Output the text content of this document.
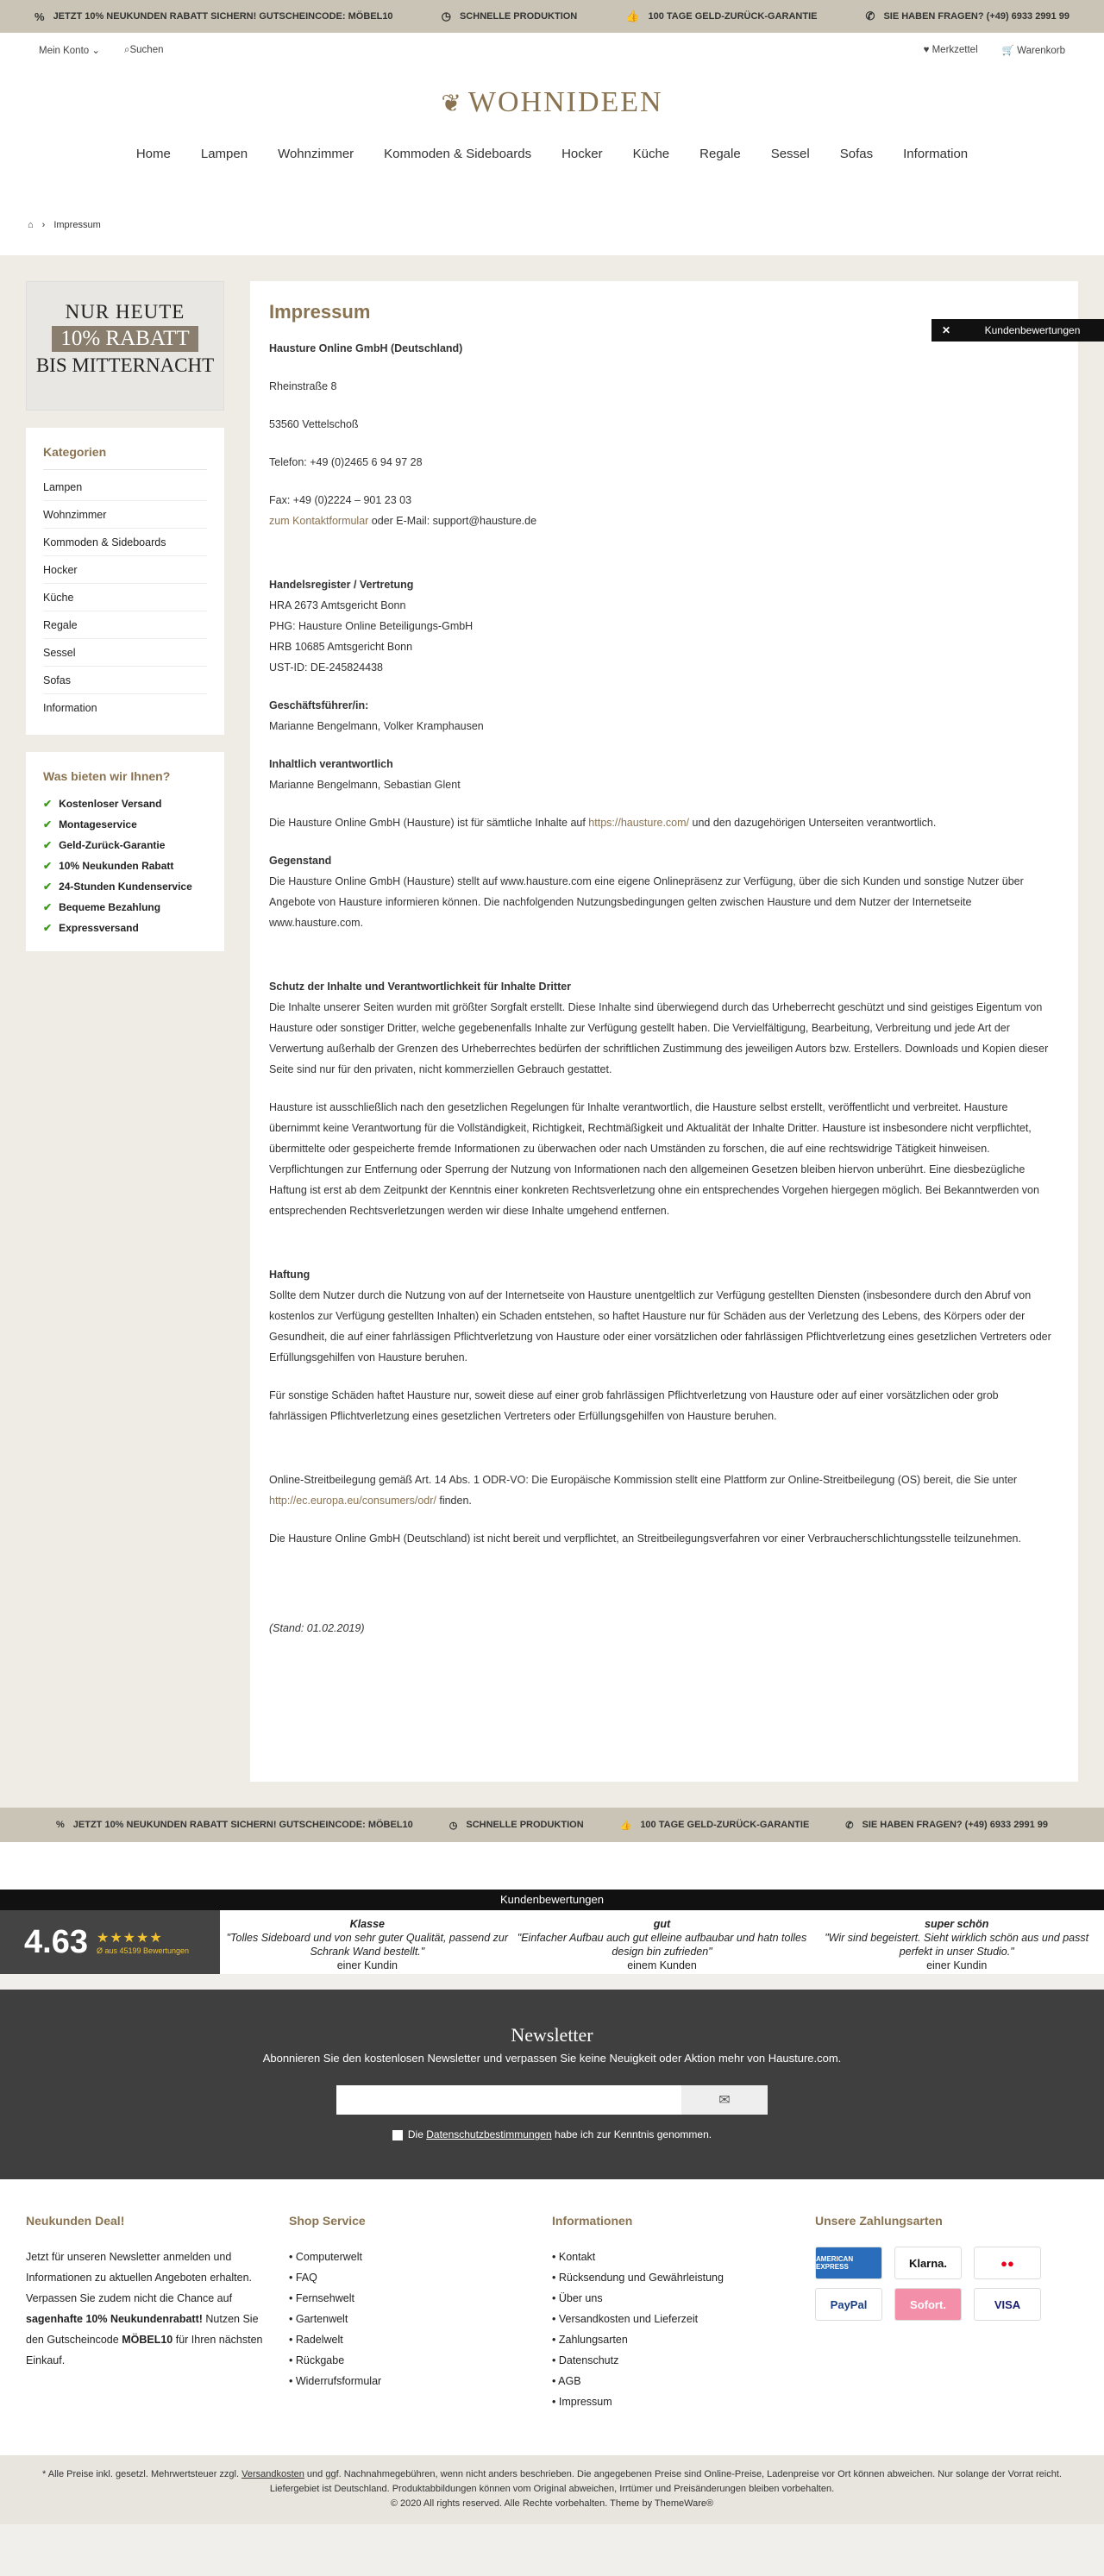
% JETZT 10% NEUKUNDEN RABATT SICHERN! GUTSCHEINCODE: MÖBEL10	◷ SCHNELLE PRODUKTION	👍 100 TAGE GELD-ZURÜCK-GARANTIE	✆ SIE HABEN FRAGEN? (+49) 6933 2991 99
Mein Konto ⌄ ⌕Suchen	♥ Merkzettel 🛒 Warenkorb
❦ WOHNIDEEN
Home Lampen Wohnzimmer Kommoden & Sideboards Hocker Küche Regale Sessel Sofas Information
⌂ › Impressum
✕	Kundenbewertungen
NUR HEUTE
10% RABATT
BIS MITTERNACHT
Kategorien
Lampen
Wohnzimmer
Kommoden & Sideboards
Hocker
Küche
Regale
Sessel
Sofas
Information
Was bieten wir Ihnen?
✔ Kostenloser Versand
✔ Montageservice
✔ Geld-Zurück-Garantie
✔ 10% Neukunden Rabatt
✔ 24-Stunden Kundenservice
✔ Bequeme Bezahlung
✔ Expressversand
Impressum

Hausture Online GmbH (Deutschland)

Rheinstraße 8

53560 Vettelschoß

Telefon: +49 (0)2465 6 94 97 28

Fax: +49 (0)2224 – 901 23 03

zum Kontaktformular oder E-Mail: support@hausture.de

Handelsregister / Vertretung
HRA 2673 Amtsgericht Bonn
PHG: Hausture Online Beteiligungs-GmbH
HRB 10685 Amtsgericht Bonn
UST-ID: DE-245824438

Geschäftsführer/in:
Marianne Bengelmann, Volker Kramphausen

Inhaltlich verantwortlich
Marianne Bengelmann, Sebastian Glent

Die Hausture Online GmbH (Hausture) ist für sämtliche Inhalte auf https://hausture.com/ und den dazugehörigen Unterseiten verantwortlich.

Gegenstand
Die Hausture Online GmbH (Hausture) stellt auf www.hausture.com eine eigene Onlinepräsenz zur Verfügung, über die sich Kunden und sonstige Nutzer über Angebote von Hausture informieren können. Die nachfolgenden Nutzungsbedingungen gelten zwischen Hausture und dem Nutzer der Internetseite www.hausture.com.

Schutz der Inhalte und Verantwortlichkeit für Inhalte Dritter
Die Inhalte unserer Seiten wurden mit größter Sorgfalt erstellt. Diese Inhalte sind überwiegend durch das Urheberrecht geschützt und sind geistiges Eigentum von Hausture oder sonstiger Dritter, welche gegebenenfalls Inhalte zur Verfügung gestellt haben. Die Vervielfältigung, Bearbeitung, Verbreitung und jede Art der Verwertung außerhalb der Grenzen des Urheberrechtes bedürfen der schriftlichen Zustimmung des jeweiligen Autors bzw. Erstellers. Downloads und Kopien dieser Seite sind nur für den privaten, nicht kommerziellen Gebrauch gestattet.

Hausture ist ausschließlich nach den gesetzlichen Regelungen für Inhalte verantwortlich, die Hausture selbst erstellt, veröffentlicht und verbreitet. Hausture übernimmt keine Verantwortung für die Vollständigkeit, Richtigkeit, Rechtmäßigkeit und Aktualität der Inhalte Dritter. Hausture ist insbesondere nicht verpflichtet, übermittelte oder gespeicherte fremde Informationen zu überwachen oder nach Umständen zu forschen, die auf eine rechtswidrige Tätigkeit hinweisen. Verpflichtungen zur Entfernung oder Sperrung der Nutzung von Informationen nach den allgemeinen Gesetzen bleiben hiervon unberührt. Eine diesbezügliche Haftung ist erst ab dem Zeitpunkt der Kenntnis einer konkreten Rechtsverletzung ohne ein entsprechendes Vorgehen hiergegen möglich. Bei Bekanntwerden von entsprechenden Rechtsverletzungen werden wir diese Inhalte umgehend entfernen.

Haftung
Sollte dem Nutzer durch die Nutzung von auf der Internetseite von Hausture unentgeltlich zur Verfügung gestellten Diensten (insbesondere durch den Abruf von kostenlos zur Verfügung gestellten Inhalten) ein Schaden entstehen, so haftet Hausture nur für Schäden aus der Verletzung des Lebens, des Körpers oder der Gesundheit, die auf einer fahrlässigen Pflichtverletzung von Hausture oder einer vorsätzlichen oder fahrlässigen Pflichtverletzung eines gesetzlichen Vertreters oder Erfüllungsgehilfen von Hausture beruhen.

Für sonstige Schäden haftet Hausture nur, soweit diese auf einer grob fahrlässigen Pflichtverletzung von Hausture oder auf einer vorsätzlichen oder grob fahrlässigen Pflichtverletzung eines gesetzlichen Vertreters oder Erfüllungsgehilfen von Hausture beruhen.

Online-Streitbeilegung gemäß Art. 14 Abs. 1 ODR-VO: Die Europäische Kommission stellt eine Plattform zur Online-Streitbeilegung (OS) bereit, die Sie unter http://ec.europa.eu/consumers/odr/ finden.

Die Hausture Online GmbH (Deutschland) ist nicht bereit und verpflichtet, an Streitbeilegungsverfahren vor einer Verbraucherschlichtungsstelle teilzunehmen.

(Stand: 01.02.2019)

% JETZT 10% NEUKUNDEN RABATT SICHERN! GUTSCHEINCODE: MÖBEL10	◷ SCHNELLE PRODUKTION	👍 100 TAGE GELD-ZURÜCK-GARANTIE	✆ SIE HABEN FRAGEN? (+49) 6933 2991 99
Kundenbewertungen
4.63 ★★★★★
Ø aus 45199 Bewertungen
Klasse
"Tolles Sideboard und von sehr guter Qualität, passend zur Schrank Wand bestellt."
einer Kundin
gut
"Einfacher Aufbau auch gut elleine aufbaubar und hatn tolles design bin zufrieden"
einem Kunden
super schön
"Wir sind begeistert. Sieht wirklich schön aus und passt perfekt in unser Studio."
einer Kundin
Newsletter
Abonnieren Sie den kostenlosen Newsletter und verpassen Sie keine Neuigkeit oder Aktion mehr von Hausture.com.
✉
Die Datenschutzbestimmungen habe ich zur Kenntnis genommen.
Neukunden Deal!

Jetzt für unseren Newsletter anmelden und Informationen zu aktuellen Angeboten erhalten. Verpassen Sie zudem nicht die Chance auf sagenhafte 10% Neukundenrabatt! Nutzen Sie den Gutscheincode MÖBEL10 für Ihren nächsten Einkauf.

Shop Service
• Computerwelt
• FAQ
• Fernsehwelt
• Gartenwelt
• Radelwelt
• Rückgabe
• Widerrufsformular
Informationen
• Kontakt
• Rücksendung und Gewährleistung
• Über uns
• Versandkosten und Lieferzeit
• Zahlungsarten
• Datenschutz
• AGB
• Impressum
Unsere Zahlungsarten
AMERICAN EXPRESS	Klarna.	●●
PayPal	Sofort.	VISA
* Alle Preise inkl. gesetzl. Mehrwertsteuer zzgl. Versandkosten und ggf. Nachnahmegebühren, wenn nicht anders beschrieben. Die angegebenen Preise sind Online-Preise, Ladenpreise vor Ort können abweichen. Nur solange der Vorrat reicht.
Liefergebiet ist Deutschland. Produktabbildungen können vom Original abweichen, Irrtümer und Preisänderungen bleiben vorbehalten.
© 2020 All rights reserved. Alle Rechte vorbehalten. Theme by ThemeWare®
